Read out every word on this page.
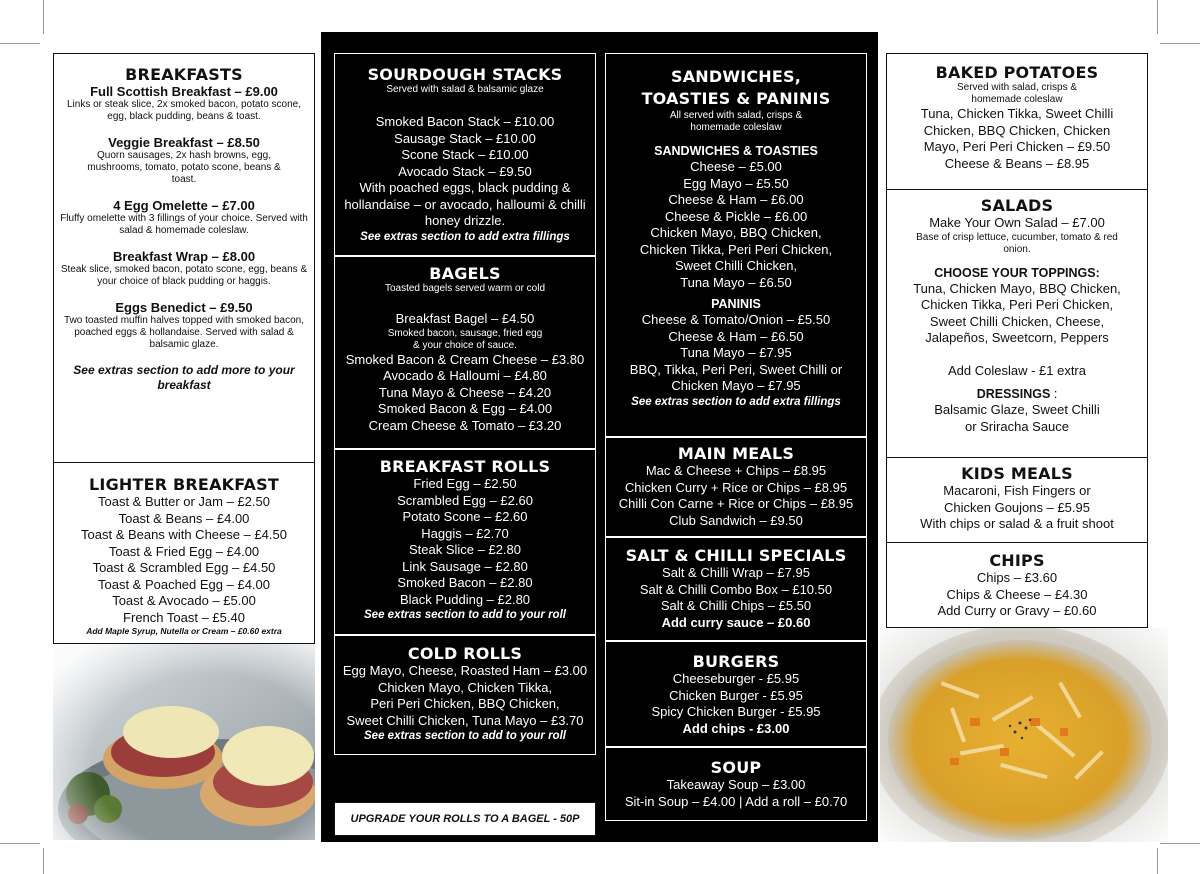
BREAKFASTS
Full Scottish Breakfast – £9.00
Links or steak slice, 2x smoked bacon, potato scone, egg, black pudding, beans & toast.
Veggie Breakfast – £8.50
Quorn sausages, 2x hash browns, egg, mushrooms, tomato, potato scone, beans & toast.
4 Egg Omelette – £7.00
Fluffy omelette with 3 fillings of your choice. Served with salad & homemade coleslaw.
Breakfast Wrap – £8.00
Steak slice, smoked bacon, potato scone, egg, beans & your choice of black pudding or haggis.
Eggs Benedict – £9.50
Two toasted muffin halves topped with smoked bacon, poached eggs & hollandaise. Served with salad & balsamic glaze.
See extras section to add more to your breakfast
LIGHTER BREAKFAST
Toast & Butter or Jam – £2.50
Toast & Beans – £4.00
Toast & Beans with Cheese – £4.50
Toast & Fried Egg – £4.00
Toast & Scrambled Egg – £4.50
Toast & Poached Egg – £4.00
Toast & Avocado – £5.00
French Toast – £5.40
Add Maple Syrup, Nutella or Cream – £0.60 extra
SOURDOUGH STACKS
Served with salad & balsamic glaze
Smoked Bacon Stack – £10.00
Sausage Stack – £10.00
Scone Stack – £10.00
Avocado Stack – £9.50
With poached eggs, black pudding & hollandaise – or avocado, halloumi & chilli honey drizzle.
See extras section to add extra fillings
BAGELS
Toasted bagels served warm or cold
Breakfast Bagel – £4.50
Smoked bacon, sausage, fried egg & your choice of sauce.
Smoked Bacon & Cream Cheese – £3.80
Avocado & Halloumi – £4.80
Tuna Mayo & Cheese – £4.20
Smoked Bacon & Egg – £4.00
Cream Cheese & Tomato – £3.20
BREAKFAST ROLLS
Fried Egg – £2.50
Scrambled Egg – £2.60
Potato Scone – £2.60
Haggis – £2.70
Steak Slice – £2.80
Link Sausage – £2.80
Smoked Bacon – £2.80
Black Pudding – £2.80
See extras section to add to your roll
COLD ROLLS
Egg Mayo, Cheese, Roasted Ham – £3.00
Chicken Mayo, Chicken Tikka,
Peri Peri Chicken, BBQ Chicken,
Sweet Chilli Chicken, Tuna Mayo – £3.70
See extras section to add to your roll
UPGRADE YOUR ROLLS TO A BAGEL - 50P
SANDWICHES,
TOASTIES & PANINIS
All served with salad, crisps & homemade coleslaw
SANDWICHES & TOASTIES
Cheese – £5.00
Egg Mayo – £5.50
Cheese & Ham – £6.00
Cheese & Pickle – £6.00
Chicken Mayo, BBQ Chicken,
Chicken Tikka, Peri Peri Chicken,
Sweet Chilli Chicken,
Tuna Mayo – £6.50
PANINIS
Cheese & Tomato/Onion – £5.50
Cheese & Ham – £6.50
Tuna Mayo – £7.95
BBQ, Tikka, Peri Peri, Sweet Chilli or
Chicken Mayo – £7.95
See extras section to add extra fillings
MAIN MEALS
Mac & Cheese + Chips – £8.95
Chicken Curry + Rice or Chips – £8.95
Chilli Con Carne + Rice or Chips – £8.95
Club Sandwich – £9.50
SALT & CHILLI SPECIALS
Salt & Chilli Wrap – £7.95
Salt & Chilli Combo Box – £10.50
Salt & Chilli Chips – £5.50
Add curry sauce – £0.60
BURGERS
Cheeseburger - £5.95
Chicken Burger - £5.95
Spicy Chicken Burger - £5.95
Add chips - £3.00
SOUP
Takeaway Soup – £3.00
Sit-in Soup – £4.00 | Add a roll – £0.70
BAKED POTATOES
Served with salad, crisps & homemade coleslaw
Tuna, Chicken Tikka, Sweet Chilli
Chicken, BBQ Chicken, Chicken
Mayo, Peri Peri Chicken – £9.50
Cheese & Beans – £8.95
SALADS
Make Your Own Salad – £7.00
Base of crisp lettuce, cucumber, tomato & red onion.
CHOOSE YOUR TOPPINGS:
Tuna, Chicken Mayo, BBQ Chicken,
Chicken Tikka, Peri Peri Chicken,
Sweet Chilli Chicken, Cheese,
Jalapeños, Sweetcorn, Peppers
Add Coleslaw - £1 extra
DRESSINGS :
Balsamic Glaze, Sweet Chilli
or Sriracha Sauce
KIDS MEALS
Macaroni, Fish Fingers or
Chicken Goujons – £5.95
With chips or salad & a fruit shoot
CHIPS
Chips – £3.60
Chips & Cheese – £4.30
Add Curry or Gravy – £0.60
